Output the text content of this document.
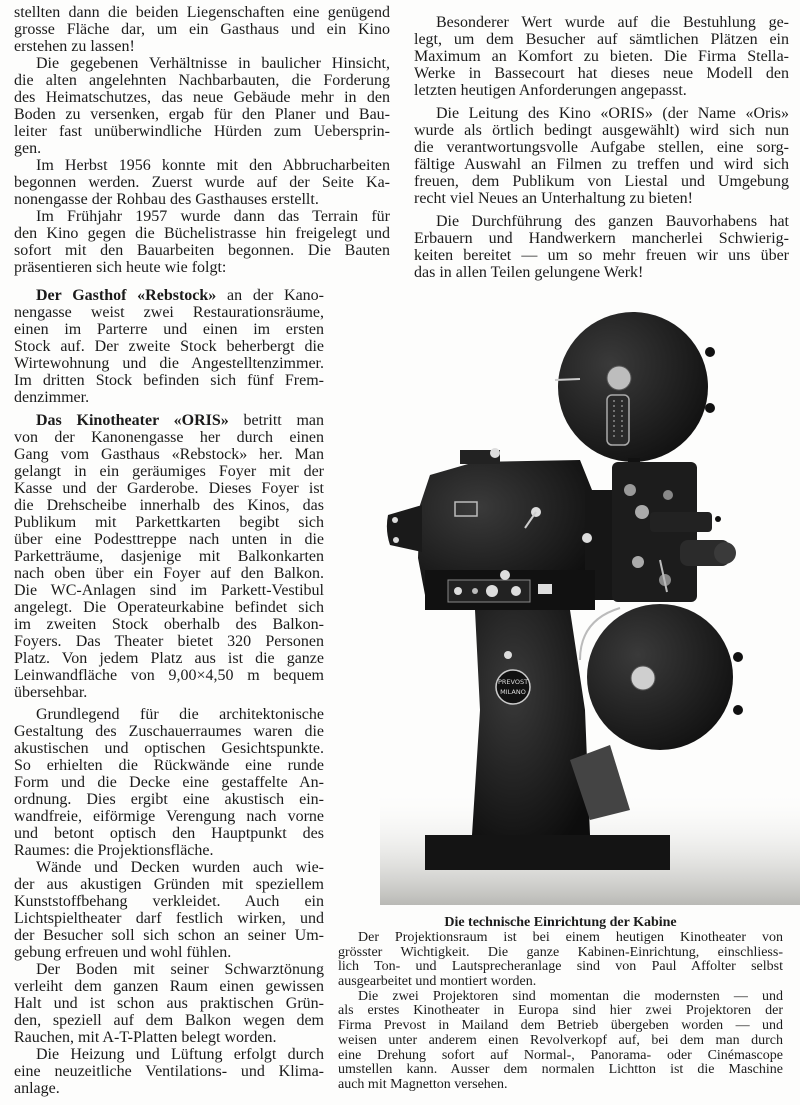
stellten dann die beiden Liegenschaften eine genügend
grosse Fläche dar, um ein Gasthaus und ein Kino
erstehen zu lassen!
Die gegebenen Verhältnisse in baulicher Hinsicht,
die alten angelehnten Nachbarbauten, die Forderung
des Heimatschutzes, das neue Gebäude mehr in den
Boden zu versenken, ergab für den Planer und Bau-
leiter fast unüberwindliche Hürden zum Uebersprin-
gen.
Im Herbst 1956 konnte mit den Abbrucharbeiten
begonnen werden. Zuerst wurde auf der Seite Ka-
nonengasse der Rohbau des Gasthauses erstellt.
Im Frühjahr 1957 wurde dann das Terrain für
den Kino gegen die Büchelistrasse hin freigelegt und
sofort mit den Bauarbeiten begonnen. Die Bauten
präsentieren sich heute wie folgt:
Der Gasthof «Rebstock» an der Kano-
nengasse weist zwei Restaurationsräume,
einen im Parterre und einen im ersten
Stock auf. Der zweite Stock beherbergt die
Wirtewohnung und die Angestelltenzimmer.
Im dritten Stock befinden sich fünf Frem-
denzimmer.
Das Kinotheater «ORIS» betritt man
von der Kanonengasse her durch einen
Gang vom Gasthaus «Rebstock» her. Man
gelangt in ein geräumiges Foyer mit der
Kasse und der Garderobe. Dieses Foyer ist
die Drehscheibe innerhalb des Kinos, das
Publikum mit Parkettkarten begibt sich
über eine Podesttreppe nach unten in die
Parketträume, dasjenige mit Balkonkarten
nach oben über ein Foyer auf den Balkon.
Die WC-Anlagen sind im Parkett-Vestibul
angelegt. Die Operateurkabine befindet sich
im zweiten Stock oberhalb des Balkon-
Foyers. Das Theater bietet 320 Personen
Platz. Von jedem Platz aus ist die ganze
Leinwandfläche von 9,00×4,50 m bequem
übersehbar.
Grundlegend für die architektonische
Gestaltung des Zuschauerraumes waren die
akustischen und optischen Gesichtspunkte.
So erhielten die Rückwände eine runde
Form und die Decke eine gestaffelte An-
ordnung. Dies ergibt eine akustisch ein-
wandfreie, eiförmige Verengung nach vorne
und betont optisch den Hauptpunkt des
Raumes: die Projektionsfläche.
Wände und Decken wurden auch wie-
der aus akustigen Gründen mit speziellem
Kunststoffbehang verkleidet. Auch ein
Lichtspieltheater darf festlich wirken, und
der Besucher soll sich schon an seiner Um-
gebung erfreuen und wohl fühlen.
Der Boden mit seiner Schwarztönung
verleiht dem ganzen Raum einen gewissen
Halt und ist schon aus praktischen Grün-
den, speziell auf dem Balkon wegen dem
Rauchen, mit A-T-Platten belegt worden.
Die Heizung und Lüftung erfolgt durch
eine neuzeitliche Ventilations- und Klima-
anlage.
Besonderer Wert wurde auf die Bestuhlung ge-
legt, um dem Besucher auf sämtlichen Plätzen ein
Maximum an Komfort zu bieten. Die Firma Stella-
Werke in Bassecourt hat dieses neue Modell den
letzten heutigen Anforderungen angepasst.
Die Leitung des Kino «ORIS» (der Name «Oris»
wurde als örtlich bedingt ausgewählt) wird sich nun
die verantwortungsvolle Aufgabe stellen, eine sorg-
fältige Auswahl an Filmen zu treffen und wird sich
freuen, dem Publikum von Liestal und Umgebung
recht viel Neues an Unterhaltung zu bieten!
Die Durchführung des ganzen Bauvorhabens hat
Erbauern und Handwerkern mancherlei Schwierig-
keiten bereitet — um so mehr freuen wir uns über
das in allen Teilen gelungene Werk!
PREVOST
MILANO
Die technische Einrichtung der Kabine
Der Projektionsraum ist bei einem heutigen Kinotheater von
grösster Wichtigkeit. Die ganze Kabinen-Einrichtung, einschliess-
lich Ton- und Lautsprecheranlage sind von Paul Affolter selbst
ausgearbeitet und montiert worden.
Die zwei Projektoren sind momentan die modernsten — und
als erstes Kinotheater in Europa sind hier zwei Projektoren der
Firma Prevost in Mailand dem Betrieb übergeben worden — und
weisen unter anderem einen Revolverkopf auf, bei dem man durch
eine Drehung sofort auf Normal-, Panorama- oder Cinémascope
umstellen kann. Ausser dem normalen Lichtton ist die Maschine
auch mit Magnetton versehen.
